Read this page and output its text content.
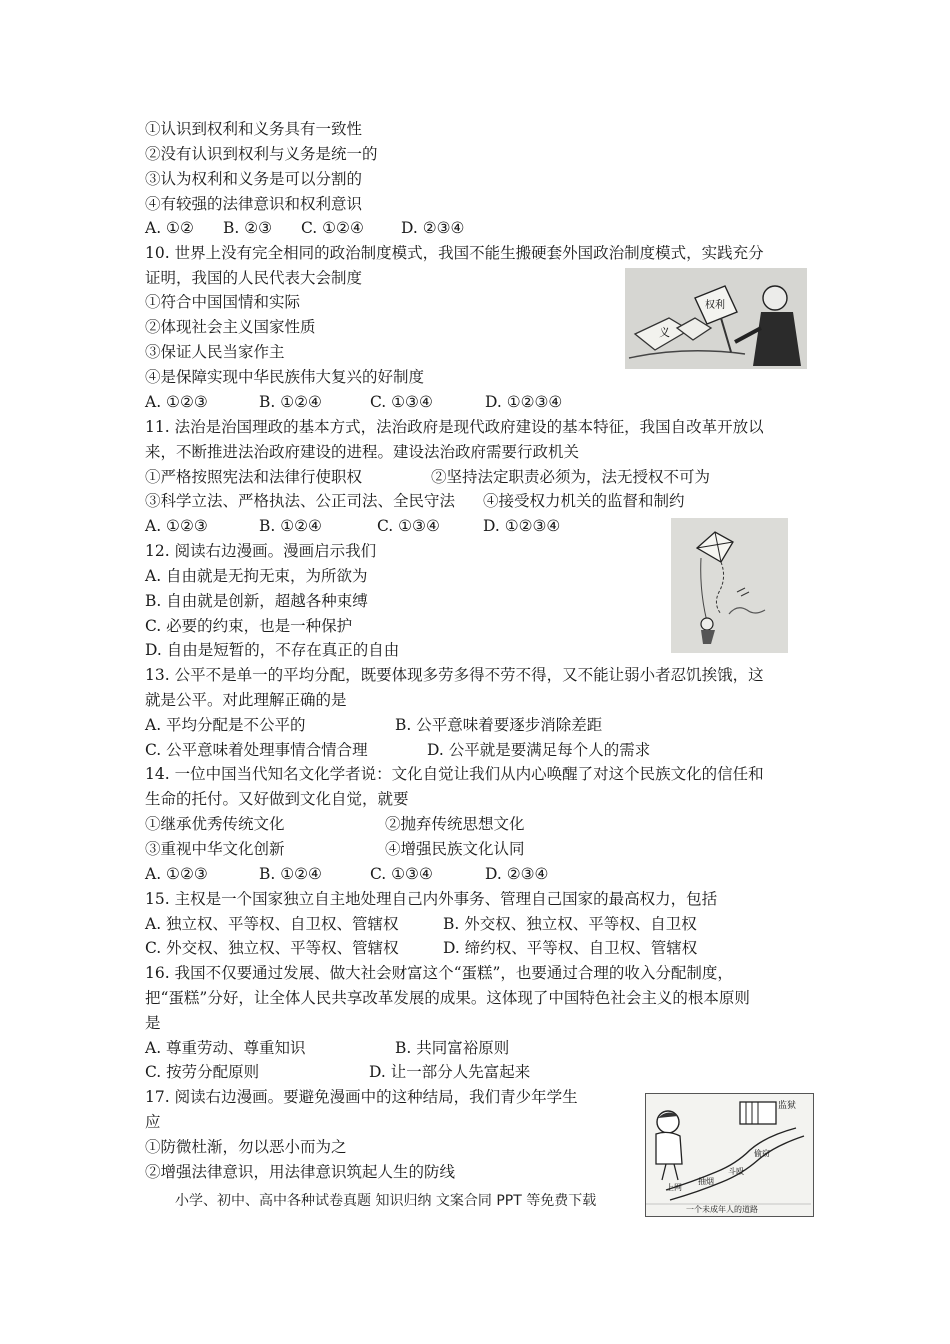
①认识到权利和义务具有一致性
②没有认识到权利与义务是统一的
③认为权利和义务是可以分割的
④有较强的法律意识和权利意识
A. ①② B. ②③ C. ①②④ D. ②③④
10. 世界上没有完全相同的政治制度模式，我国不能生搬硬套外国政治制度模式，实践充分
证明，我国的人民代表大会制度
①符合中国国情和实际
②体现社会主义国家性质
③保证人民当家作主
④是保障实现中华民族伟大复兴的好制度
A. ①②③	B. ①②④	C. ①③④	D. ①②③④
义
权利
11. 法治是治国理政的基本方式，法治政府是现代政府建设的基本特征，我国自改革开放以
来，不断推进法治政府建设的进程。建设法治政府需要行政机关
①严格按照宪法和法律行使职权	②坚持法定职责必须为，法无授权不可为
③科学立法、严格执法、公正司法、全民守法 ④接受权力机关的监督和制约
A. ①②③	B. ①②④	C. ①③④	D. ①②③④
12. 阅读右边漫画。漫画启示我们
A. 自由就是无拘无束，为所欲为
B. 自由就是创新，超越各种束缚
C. 必要的约束，也是一种保护
D. 自由是短暂的，不存在真正的自由
13. 公平不是单一的平均分配，既要体现多劳多得不劳不得，又不能让弱小者忍饥挨饿，这
就是公平。对此理解正确的是
A. 平均分配是不公平的	B. 公平意味着要逐步消除差距
C. 公平意味着处理事情合情合理	D. 公平就是要满足每个人的需求
14. 一位中国当代知名文化学者说：文化自觉让我们从内心唤醒了对这个民族文化的信任和
生命的托付。又好做到文化自觉，就要
①继承优秀传统文化	②抛弃传统思想文化
③重视中华文化创新	④增强民族文化认同
A. ①②③	B. ①②④	C. ①③④	D. ②③④
15. 主权是一个国家独立自主地处理自己内外事务、管理自己国家的最高权力，包括
A. 独立权、平等权、自卫权、管辖权	B. 外交权、独立权、平等权、自卫权
C. 外交权、独立权、平等权、管辖权	D. 缔约权、平等权、自卫权、管辖权
16. 我国不仅要通过发展、做大社会财富这个“蛋糕”，也要通过合理的收入分配制度，
把“蛋糕”分好，让全体人民共享改革发展的成果。这体现了中国特色社会主义的根本原则
是
A. 尊重劳动、尊重知识	B. 共同富裕原则
C. 按劳分配原则	D. 让一部分人先富起来
17. 阅读右边漫画。要避免漫画中的这种结局，我们青少年学生
应
①防微杜渐，勿以恶小而为之
②增强法律意识，用法律意识筑起人生的防线
监狱
上网
抽烟
斗殴
偷窃
一个未成年人的道路
小学、初中、高中各种试卷真题 知识归纳 文案合同 PPT 等免费下载
